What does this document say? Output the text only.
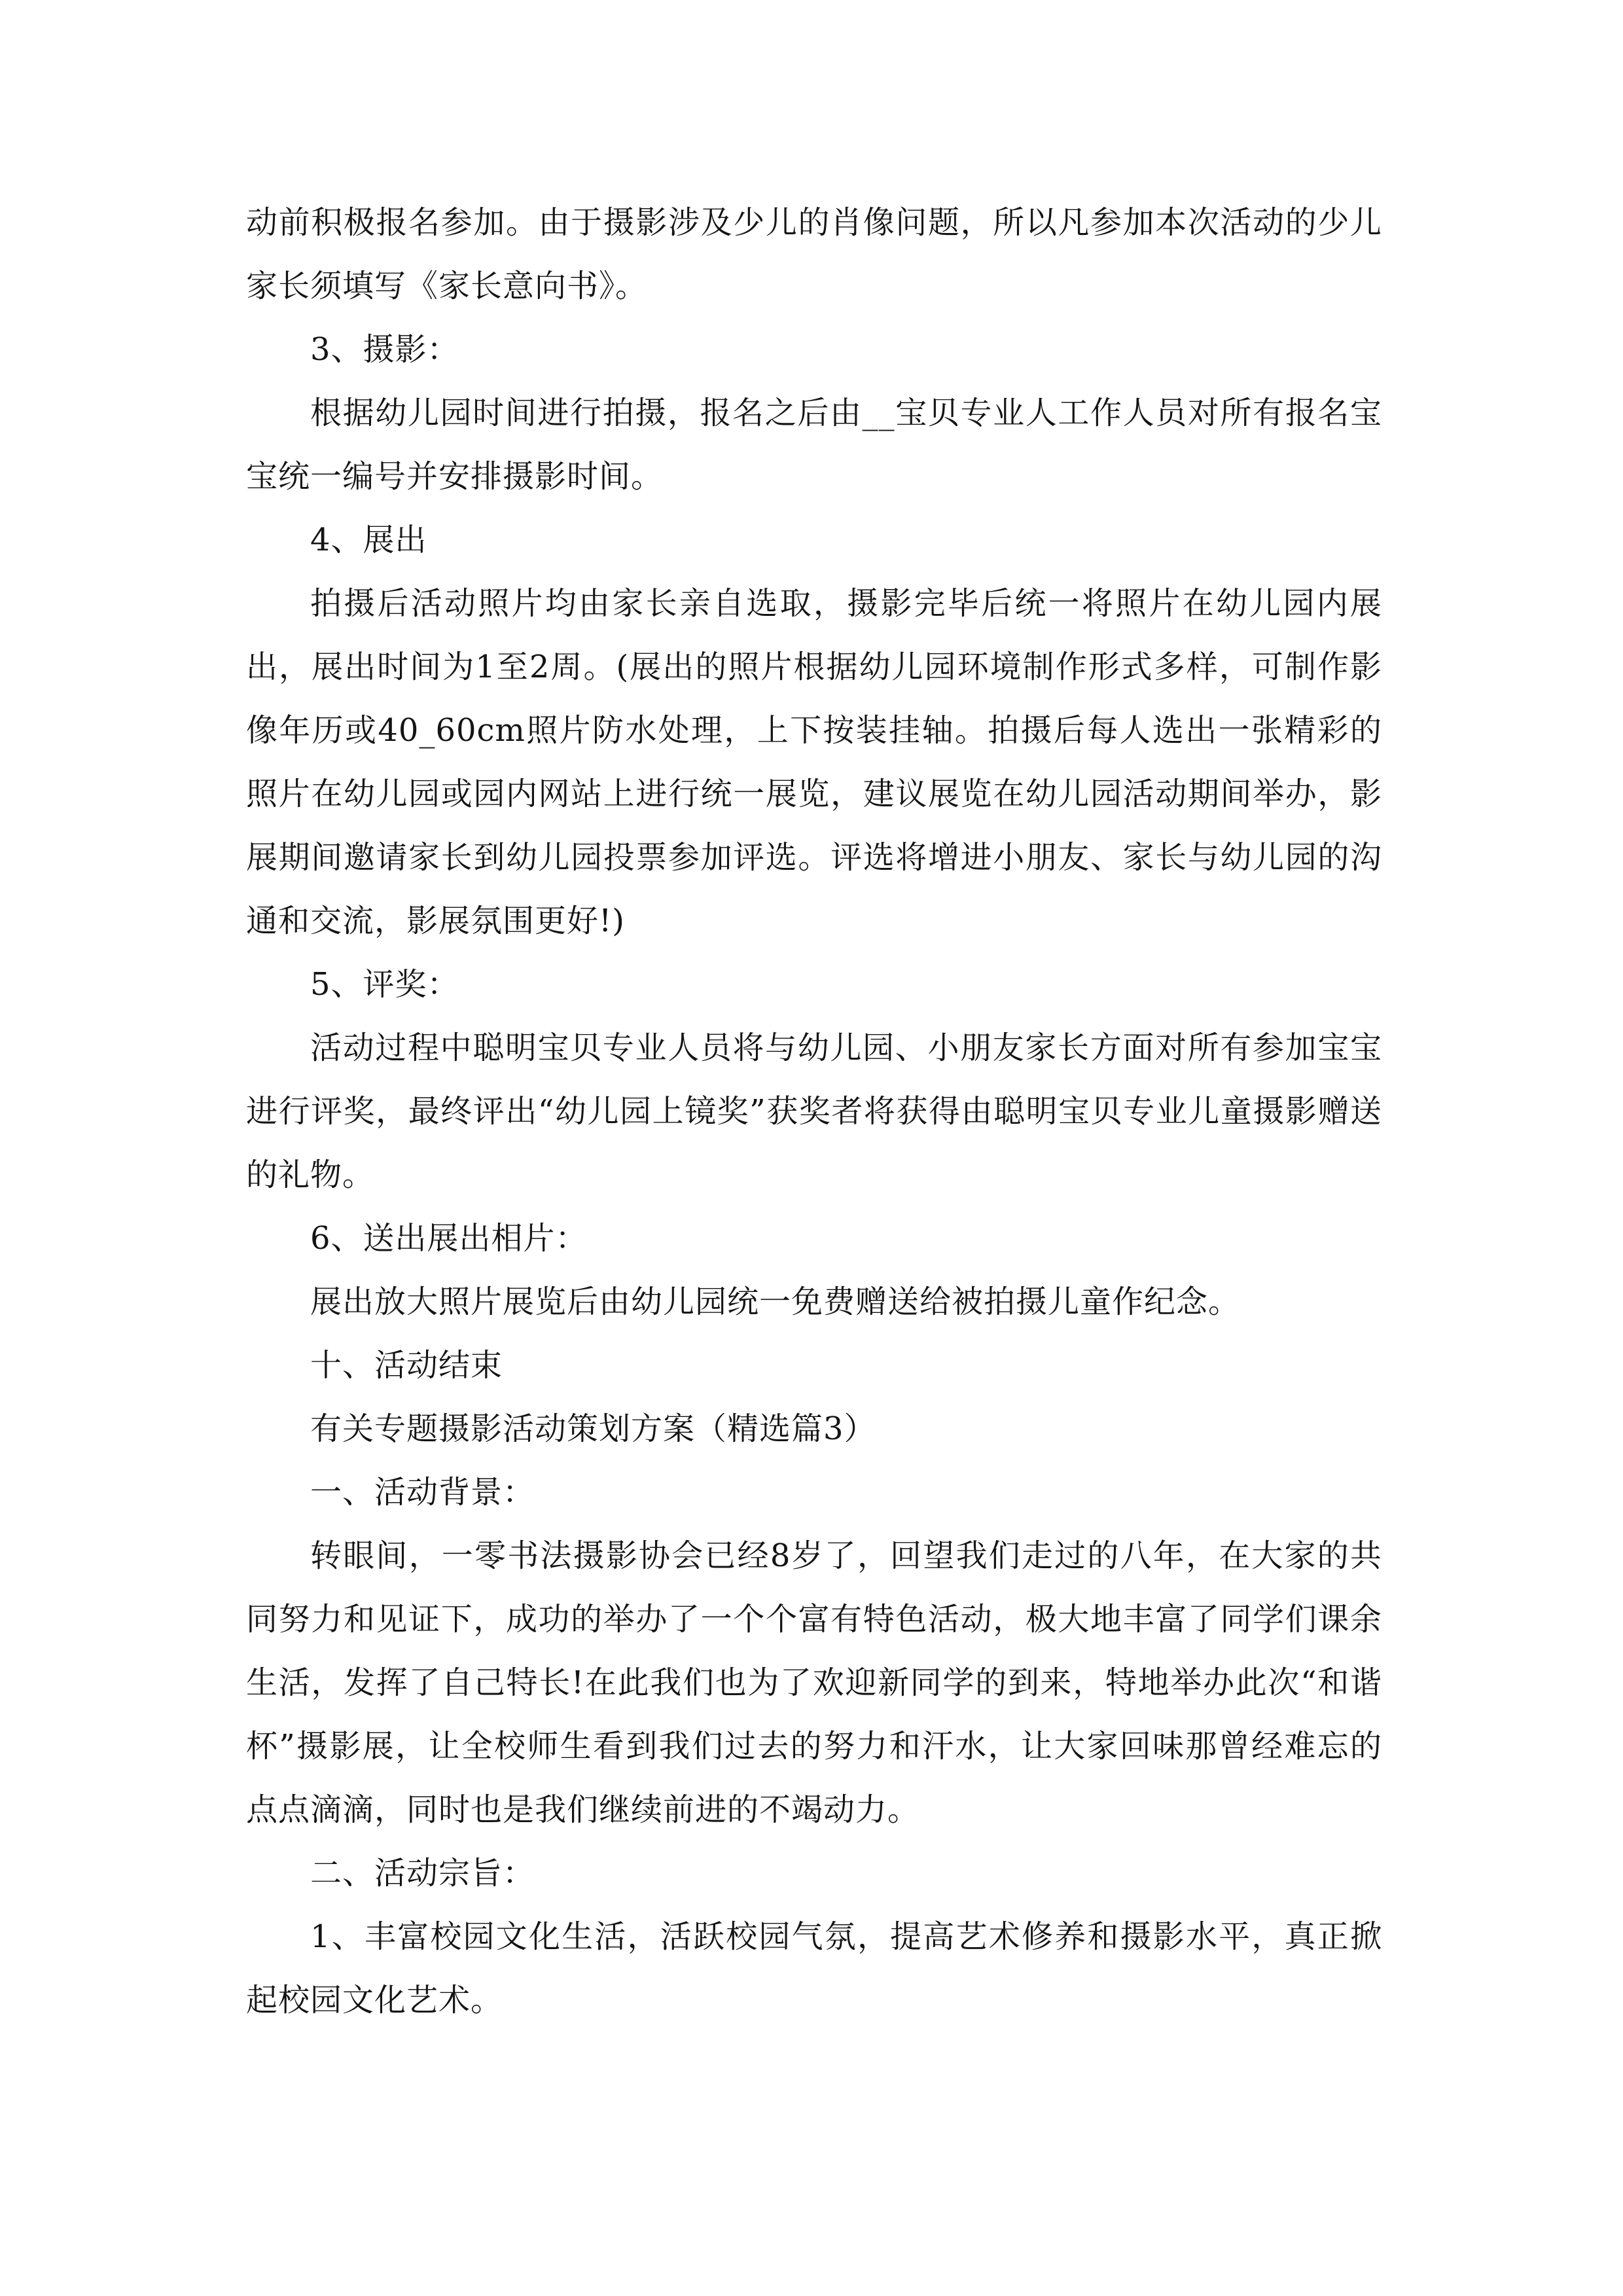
动前积极报名参加。由于摄影涉及少儿的肖像问题，所以凡参加本次活动的少儿家长须填写《家长意向书》。

3、摄影：

根据幼儿园时间进行拍摄，报名之后由__宝贝专业人工作人员对所有报名宝宝统一编号并安排摄影时间。

4、展出

拍摄后活动照片均由家长亲自选取，摄影完毕后统一将照片在幼儿园内展出，展出时间为1至2周。(展出的照片根据幼儿园环境制作形式多样，可制作影像年历或40_60cm照片防水处理，上下按装挂轴。拍摄后每人选出一张精彩的照片在幼儿园或园内网站上进行统一展览，建议展览在幼儿园活动期间举办，影展期间邀请家长到幼儿园投票参加评选。评选将增进小朋友、家长与幼儿园的沟通和交流，影展氛围更好!)

5、评奖：

活动过程中聪明宝贝专业人员将与幼儿园、小朋友家长方面对所有参加宝宝进行评奖，最终评出“幼儿园上镜奖”获奖者将获得由聪明宝贝专业儿童摄影赠送的礼物。

6、送出展出相片：

展出放大照片展览后由幼儿园统一免费赠送给被拍摄儿童作纪念。

十、活动结束

有关专题摄影活动策划方案（精选篇3）

一、活动背景：

转眼间，一零书法摄影协会已经8岁了，回望我们走过的八年，在大家的共同努力和见证下，成功的举办了一个个富有特色活动，极大地丰富了同学们课余生活，发挥了自己特长!在此我们也为了欢迎新同学的到来，特地举办此次“和谐杯”摄影展，让全校师生看到我们过去的努力和汗水，让大家回味那曾经难忘的点点滴滴，同时也是我们继续前进的不竭动力。

二、活动宗旨：

1、丰富校园文化生活，活跃校园气氛，提高艺术修养和摄影水平，真正掀起校园文化艺术。
